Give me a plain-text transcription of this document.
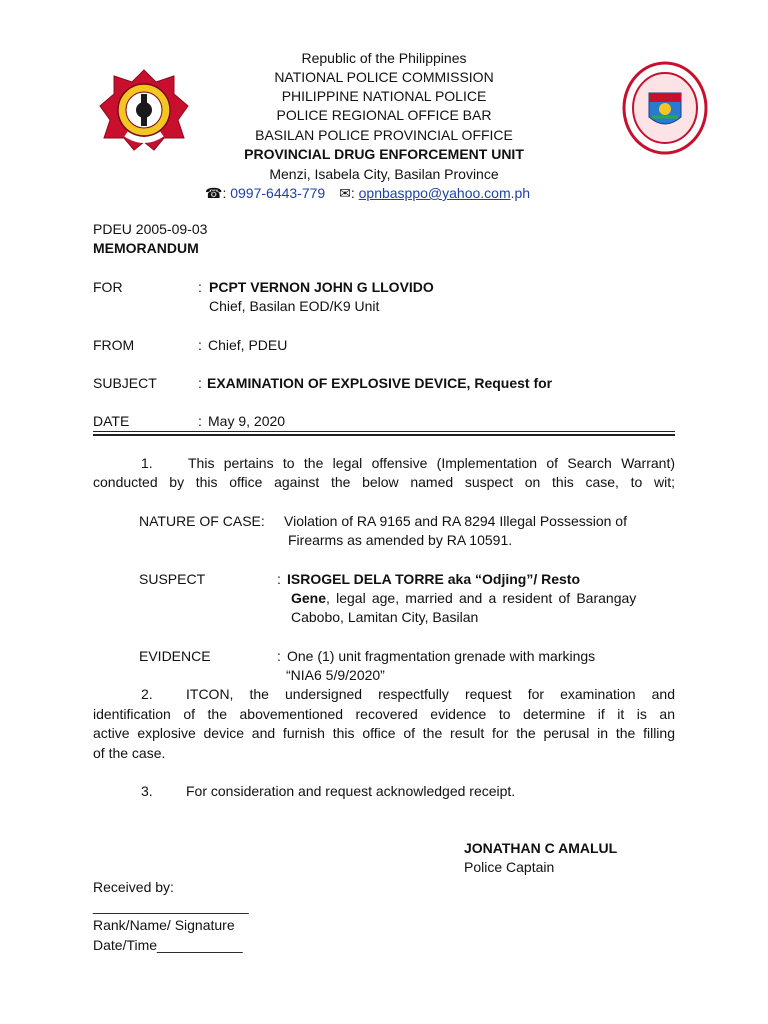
Republic of the Philippines
NATIONAL POLICE COMMISSION
PHILIPPINE NATIONAL POLICE
POLICE REGIONAL OFFICE BAR
BASILAN POLICE PROVINCIAL OFFICE
PROVINCIAL DRUG ENFORCEMENT UNIT
Menzi, Isabela City, Basilan Province
☎: 0997-6443-779 ✉: opnbasppo@yahoo.com.ph
PDEU 2005-09-03
MEMORANDUM
FOR	: PCPT VERNON JOHN G LLOVIDO
Chief, Basilan EOD/K9 Unit
FROM	: Chief, PDEU
SUBJECT	: EXAMINATION OF EXPLOSIVE DEVICE, Request for
DATE	: May 9, 2020
1.	This pertains to the legal offensive (Implementation of Search Warrant)
conducted by this office against the below named suspect on this case, to wit;
NATURE OF CASE: Violation of RA 9165 and RA 8294 Illegal Possession of
Firearms as amended by RA 10591.
SUSPECT	: ISROGEL DELA TORRE aka “Odjing”/ Resto
Gene, legal age, married and a resident of Barangay
Cabobo, Lamitan City, Basilan
EVIDENCE	: One (1) unit fragmentation grenade with markings
“NIA6 5/9/2020”
2. ITCON, the undersigned respectfully request for examination and
identification of the abovementioned recovered evidence to determine if it is an
active explosive device and furnish this office of the result for the perusal in the filling
of the case.
3. For consideration and request acknowledged receipt.
JONATHAN C AMALUL
Police Captain
Received by:
____________________
Rank/Name/ Signature
Date/Time___________
